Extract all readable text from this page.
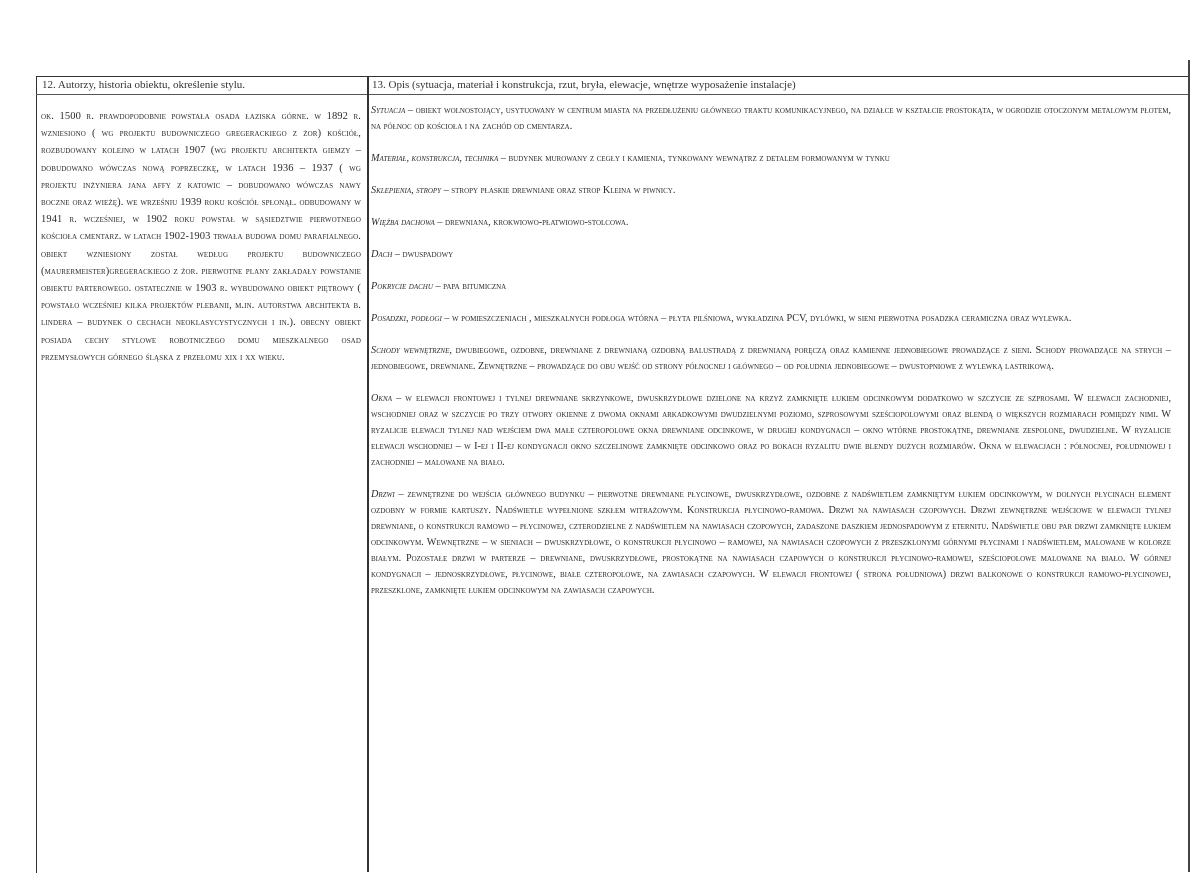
12. Autorzy, historia obiektu, określenie stylu.	13. Opis (sytuacja, materiał i konstrukcja, rzut, bryła, elewacje, wnętrze wyposażenie instalacje)
ok. 1500 r. prawdopodobnie powstała osada łaziska górne. w 1892 r. wzniesiono ( wg projektu budowniczego gregerackiego z żor) kościół, rozbudowany kolejno w latach 1907 (wg projektu architekta giemzy – dobudowano wówczas nową poprzeczkę, w latach 1936 – 1937 ( wg projektu inżyniera jana affy z katowic – dobudowano wówczas nawy boczne oraz wieżę). we wrześniu 1939 roku kościół spłonął. odbudowany w 1941 r. wcześniej, w 1902 roku powstał w sąsiedztwie pierwotnego kościoła cmentarz. w latach 1902-1903 trwała budowa domu parafialnego. obiekt wzniesiony został według projektu budowniczego (maurermeister)gregerackiego z żor. pierwotne plany zakładały powstanie obiektu parterowego. ostatecznie w 1903 r. wybudowano obiekt piętrowy ( powstało wcześniej kilka projektów plebanii, m.in. autorstwa architekta b. lindera – budynek o cechach neoklasycystycznych i in.). obecny obiekt posiada cechy stylowe robotniczego domu mieszkalnego osad przemysłowych górnego śląska z przełomu xix i xx wieku.

Sytuacja – obiekt wolnostojący, usytuowany w centrum miasta na przedłużeniu głównego traktu komunikacyjnego, na działce w kształcie prostokąta, w ogrodzie otoczonym metalowym płotem, na północ od kościoła i na zachód od cmentarza.

Materiał, konstrukcja, technika – budynek murowany z cegły i kamienia, tynkowany wewnątrz z detalem formowanym w tynku

Sklepienia, stropy – stropy płaskie drewniane oraz strop Kleina w piwnicy.

Więźba dachowa – drewniana, krokwiowo-płatwiowo-stolcowa.

Dach – dwuspadowy

Pokrycie dachu – papa bitumiczna

Posadzki, podłogi – w pomieszczeniach , mieszkalnych podłoga wtórna – płyta pilśniowa, wykładzina PCV, dylówki, w sieni pierwotna posadzka ceramiczna oraz wylewka.

Schody wewnętrzne, dwubiegowe, ozdobne, drewniane z drewnianą ozdobną balustradą z drewnianą poręczą oraz kamienne jednobiegowe prowadzące z sieni. Schody prowadzące na strych – jednobiegowe, drewniane. Zewnętrzne – prowadzące do obu wejść od strony północnej i głównego – od południa jednobiegowe – dwustopniowe z wylewką lastrikową.

Okna – w elewacji frontowej i tylnej drewniane skrzynkowe, dwuskrzydłowe dzielone na krzyż zamknięte łukiem odcinkowym dodatkowo w szczycie ze szprosami. W elewacji zachodniej, wschodniej oraz w szczycie po trzy otwory okienne z dwoma oknami arkadkowymi dwudzielnymi poziomo, szprosowymi sześciopolowymi oraz blendą o większych rozmiarach pomiędzy nimi. W ryzalicie elewacji tylnej nad wejściem dwa małe czteropolowe okna drewniane odcinkowe, w drugiej kondygnacji – okno wtórne prostokątne, drewniane zespolone, dwudzielne. W ryzalicie elewacji wschodniej – w I-ej i II-ej kondygnacji okno szczelinowe zamknięte odcinkowo oraz po bokach ryzalitu dwie blendy dużych rozmiarów. Okna w elewacjach : północnej, południowej i zachodniej – malowane na biało.

Drzwi – zewnętrzne do wejścia głównego budynku – pierwotne drewniane płycinowe, dwuskrzydłowe, ozdobne z nadświetlem zamkniętym łukiem odcinkowym, w dolnych płycinach element ozdobny w formie kartuszy. Nadświetle wypełnione szkłem witrażowym. Konstrukcja płycinowo-ramowa. Drzwi na nawiasach czopowych. Drzwi zewnętrzne wejściowe w elewacji tylnej drewniane, o konstrukcji ramowo – płycinowej, czterodzielne z nadświetlem na nawiasach czopowych, zadaszone daszkiem jednospadowym z eternitu. Nadświetle obu par drzwi zamknięte łukiem odcinkowym. Wewnętrzne – w sieniach – dwuskrzydłowe, o konstrukcji płycinowo – ramowej, na nawiasach czopowych z przeszklonymi górnymi płycinami i nadświetlem, malowane w kolorze białym. Pozostałe drzwi w parterze – drewniane, dwuskrzydłowe, prostokątne na nawiasach czapowych o konstrukcji płycinowo-ramowej, sześciopolowe malowane na biało. W górnej kondygnacji – jednoskrzydłowe, płycinowe, białe czteropolowe, na zawiasach czapowych. W elewacji frontowej ( strona południowa) drzwi balkonowe o konstrukcji ramowo-płycinowej, przeszklone, zamknięte łukiem odcinkowym na zawiasach czapowych.
